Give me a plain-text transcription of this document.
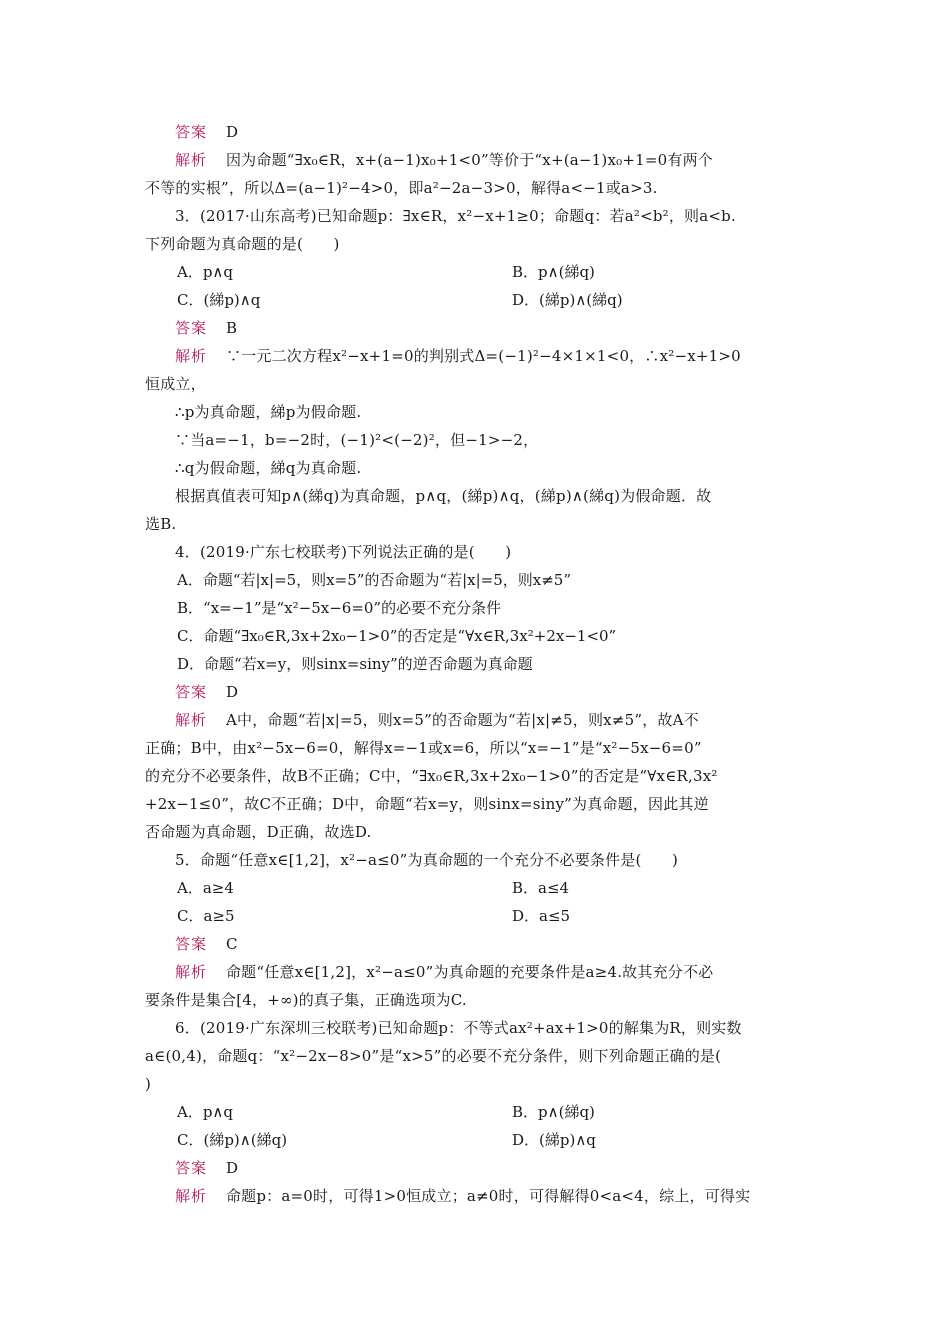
答案 D
解析 因为命题“∃x₀∈R，x+(a−1)x₀+1<0”等价于“x+(a−1)x₀+1=0有两个
不等的实根”，所以Δ=(a−1)²−4>0，即a²−2a−3>0，解得a<−1或a>3.
3．(2017·山东高考)已知命题p：∃x∈R，x²−x+1≥0；命题q：若a²<b²，则a<b.
下列命题为真命题的是(　　)
A．p∧q	B．p∧(綈q)
C．(綈p)∧q	D．(綈p)∧(綈q)
答案 B
解析 ∵一元二次方程x²−x+1=0的判别式Δ=(−1)²−4×1×1<0，∴x²−x+1>0
恒成立，
∴p为真命题，綈p为假命题.
∵当a=−1，b=−2时，(−1)²<(−2)²，但−1>−2，
∴q为假命题，綈q为真命题.
根据真值表可知p∧(綈q)为真命题，p∧q，(綈p)∧q，(綈p)∧(綈q)为假命题．故
选B.
4．(2019·广东七校联考)下列说法正确的是(　　)
A．命题“若|x|=5，则x=5”的否命题为“若|x|=5，则x≠5”
B．“x=−1”是“x²−5x−6=0”的必要不充分条件
C．命题“∃x₀∈R,3x+2x₀−1>0”的否定是“∀x∈R,3x²+2x−1<0”
D．命题“若x=y，则sinx=siny”的逆否命题为真命题
答案 D
解析 A中，命题“若|x|=5，则x=5”的否命题为“若|x|≠5，则x≠5”，故A不
正确；B中，由x²−5x−6=0，解得x=−1或x=6，所以“x=−1”是“x²−5x−6=0”
的充分不必要条件，故B不正确；C中，“∃x₀∈R,3x+2x₀−1>0”的否定是“∀x∈R,3x²
+2x−1≤0”，故C不正确；D中，命题“若x=y，则sinx=siny”为真命题，因此其逆
否命题为真命题，D正确，故选D.
5．命题“任意x∈[1,2]，x²−a≤0”为真命题的一个充分不必要条件是(　　)
A．a≥4	B．a≤4
C．a≥5	D．a≤5
答案 C
解析 命题“任意x∈[1,2]，x²−a≤0”为真命题的充要条件是a≥4.故其充分不必
要条件是集合[4，+∞)的真子集，正确选项为C.
6．(2019·广东深圳三校联考)已知命题p：不等式ax²+ax+1>0的解集为R，则实数
a∈(0,4)，命题q：“x²−2x−8>0”是“x>5”的必要不充分条件，则下列命题正确的是(
)
A．p∧q	B．p∧(綈q)
C．(綈p)∧(綈q)	D．(綈p)∧q
答案 D
解析 命题p：a=0时，可得1>0恒成立；a≠0时，可得解得0<a<4，综上，可得实
